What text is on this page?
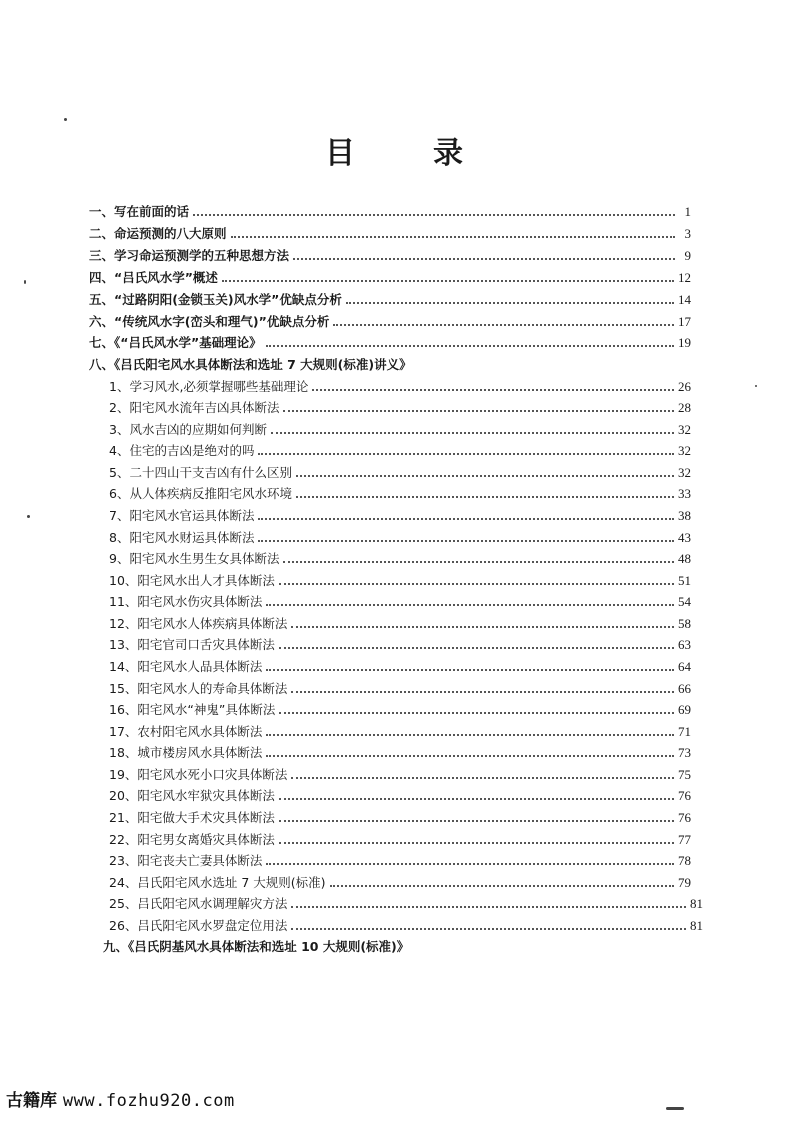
目	录
一、写在前面的话	1
二、命运预测的八大原则	3
三、学习命运预测学的五种思想方法	9
四、“吕氏风水学”概述	12
五、“过路阴阳(金锁玉关)风水学”优缺点分析	14
六、“传统风水字(峦头和理气)”优缺点分析	17
七、《“吕氏风水学”基础理论》	19
八、《吕氏阳宅风水具体断法和选址 7 大规则(标准)讲义》
1、学习风水,必须掌握哪些基础理论	26
2、阳宅风水流年吉凶具体断法	28
3、风水吉凶的应期如何判断	32
4、住宅的吉凶是绝对的吗	32
5、二十四山干支吉凶有什么区别	32
6、从人体疾病反推阳宅风水环境	33
7、阳宅风水官运具体断法	38
8、阳宅风水财运具体断法	43
9、阳宅风水生男生女具体断法	48
10、阳宅风水出人才具体断法	51
11、阳宅风水伤灾具体断法	54
12、阳宅风水人体疾病具体断法	58
13、阳宅官司口舌灾具体断法	63
14、阳宅风水人品具体断法	64
15、阳宅风水人的寿命具体断法	66
16、阳宅风水“神鬼”具体断法	69
17、农村阳宅风水具体断法	71
18、城市楼房风水具体断法	73
19、阳宅风水死小口灾具体断法	75
20、阳宅风水牢狱灾具体断法	76
21、阳宅做大手术灾具体断法	76
22、阳宅男女离婚灾具体断法	77
23、阳宅丧夫亡妻具体断法	78
24、吕氏阳宅风水选址 7 大规则(标准)	79
25、吕氏阳宅风水调理解灾方法	81
26、吕氏阳宅风水罗盘定位用法	81
九、《吕氏阴基风水具体断法和选址 10 大规则(标准)》
古籍库 www.fozhu920.com
